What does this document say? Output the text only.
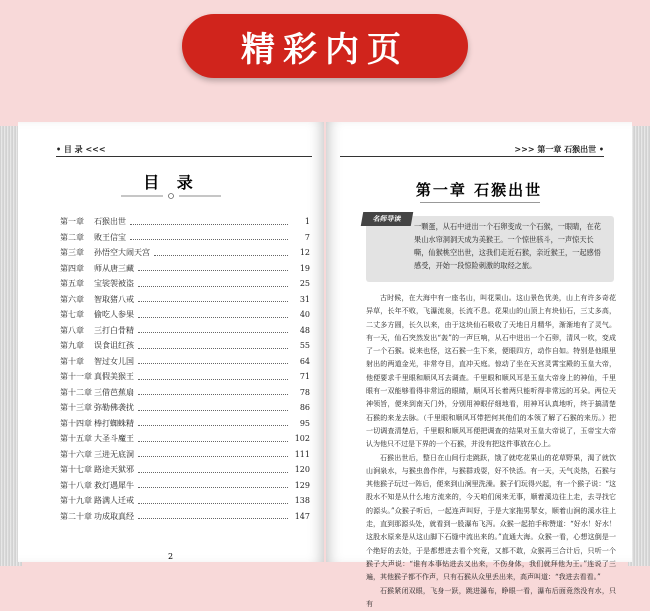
精彩内页
• 目 录 <<<
目 录
第一章	石猴出世	1
第二章	败王信宝	7
第三章	孙悟空大闹天宫	12
第四章	师从唐三藏	19
第五章	宝裟袈被盗	25
第六章	智取猪八戒	31
第七章	偷吃人参果	40
第八章	三打白骨精	48
第九章	误食诅红孩	55
第十章	智过女儿国	64
第十一章 真假美猴王	71
第十二章 三借芭蕉扇	78
第十三章 弥勒佛袭扰	86
第十四章 棒打蜘蛛精	95
第十五章 大圣斗魔王	102
第十六章 三进无底洞	111
第十七章 路途天狱邪	120
第十八章 救灯遇犀牛	129
第十九章 路满人迁戒	138
第二十章 功成取真经	147
2
>>> 第一章 石猴出世 •
第一章 石猴出世
名师导读
一颗蛋，从石中迸出一个石卵变成一个石猴，一眼睛，在花果山水帘洞洞天成为美猴王。一个惊世骇斗，一声惊天长嘶，仙猴桃空出世，这我们走近石猴，亲近猴王，一起感悟感受，开始一段惊险刺激的取经之旅。

古时候，在大海中有一座名山，叫花果山。这山景色优美，山上有许多奇花异草，长年不败，飞瀑流泉，长流不息。花果山的山顶上有块仙石，三丈多高，二丈多方圆，长久以来，由于这块仙石吸收了天地日月精华，渐渐地有了灵气。有一天，仙石突然发出“轰”的一声巨响，从石中迸出一个石卵，清风一吹，变成了一个石猴。说来也怪，这石猴一生下来，便眼四方，动作自如。特别是他眼里射出的两道金光，非常夺目，直冲天庭。惊动了坐在天宫灵霄宝殿的玉皇大帝，他便要求千里眼和顺风耳去调查。千里眼和顺风耳是玉皇大帝身上的神仙，千里眼有一双能够看得非常远的眼睛，顺风耳长着两只能听得非常远的耳朵。两位天神领旨，便来到南天门外，分别用神眼仔细地看，用神耳认真地听，终于搞清楚石猴的来龙去脉。（千里眼和顺风耳带把何其他们的本领了解了石猴的来历。）把一切调查清楚后，千里眼和顺风耳便把调查的结果对玉皇大帝说了，玉帝宝大帝认为他只不过是下界的一个石猴，并没有把这件事放在心上。

石猴出世后，整日在山间行走跳跃，饿了就吃花果山的花草野果，渴了就饮山涧泉水，与猴虫兽作伴，与猴群戏耍，好不快活。有一天，天气炎热，石猴与其他猴子玩过一阵后，便来到山涧里洗澡。猴子们玩得兴起，有一个猴子说：“这股水不知是从什么地方流来的，今天咱们闲来无事，顺着溪边往上走，去寻找它的源头。”众猴子听后，一起连声叫好，于是大家拖男挈女，顺着山涧的溪水往上走，直到那源头处，就看到一股瀑布飞泻。众猴一起拍手称赞道：“好水！好水！这股水原来是从这山脚下石缝中流出来的。”直通大海。众猴一看，心想这倒是一个绝好的去处，于是都想进去看个究竟，又都不敢，众猴再三合计后，只听一个猴子大声说：“谁有本事钻进去又出来，不伤身体，我们就拜他为王。”连说了三遍，其他猴子都不作声，只有石猴从众里丢出来，高声叫道：“我进去看看。”

石猴紧闭双眼，飞身一跃，跳进瀑布，睁眼一看，瀑布后面竟然没有水，只有
